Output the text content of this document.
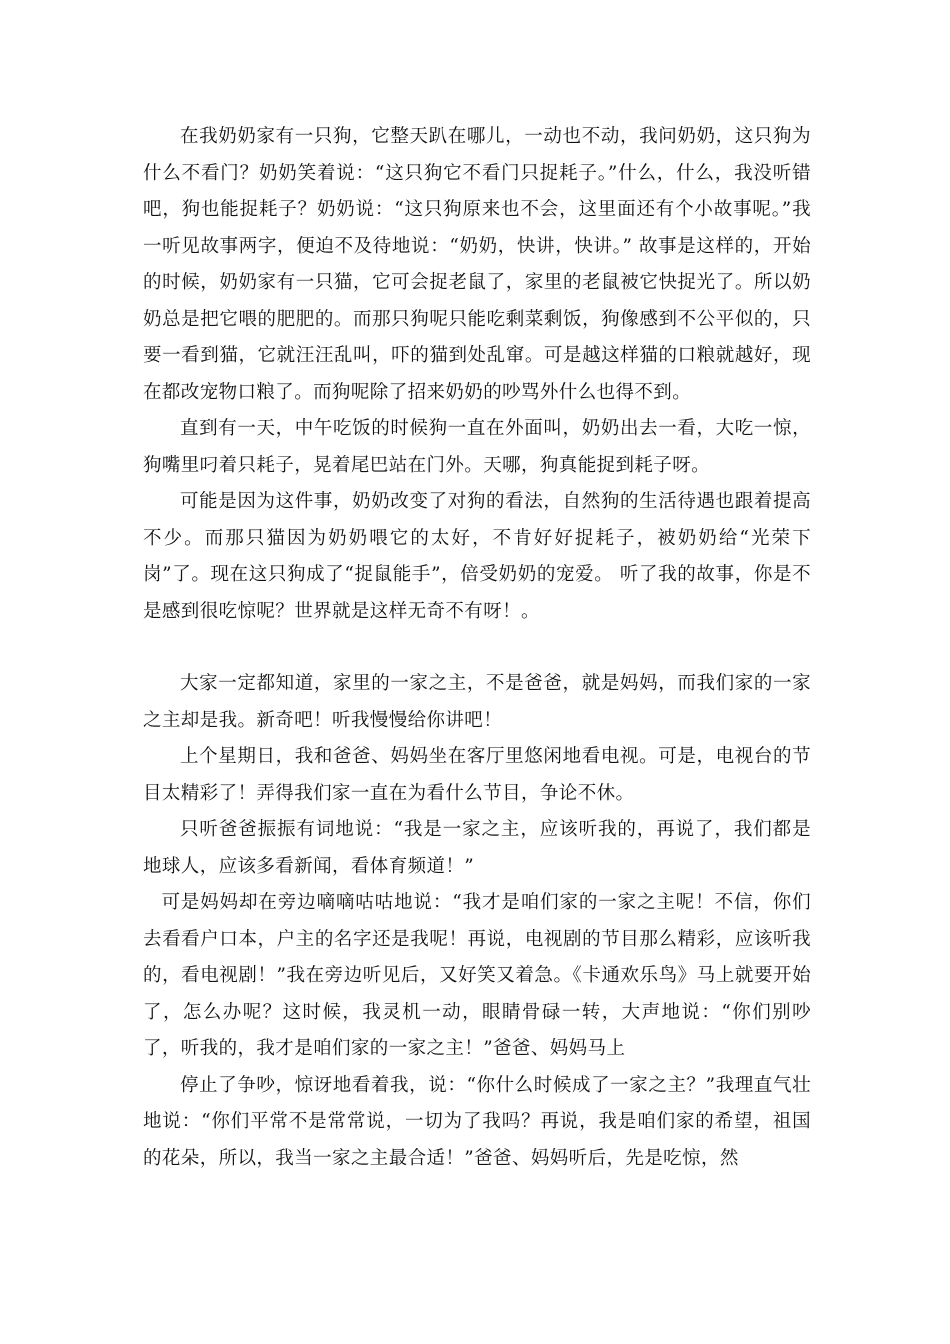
在我奶奶家有一只狗，它整天趴在哪儿，一动也不动，我问奶奶，这只狗为什么不看门？奶奶笑着说：“这只狗它不看门只捉耗子。”什么，什么，我没听错吧，狗也能捉耗子？奶奶说：“这只狗原来也不会，这里面还有个小故事呢。”我一听见故事两字，便迫不及待地说：“奶奶，快讲，快讲。” 故事是这样的，开始的时候，奶奶家有一只猫，它可会捉老鼠了，家里的老鼠被它快捉光了。所以奶奶总是把它喂的肥肥的。而那只狗呢只能吃剩菜剩饭，狗像感到不公平似的，只要一看到猫，它就汪汪乱叫，吓的猫到处乱窜。可是越这样猫的口粮就越好，现在都改宠物口粮了。而狗呢除了招来奶奶的吵骂外什么也得不到。

直到有一天，中午吃饭的时候狗一直在外面叫，奶奶出去一看，大吃一惊，狗嘴里叼着只耗子，晃着尾巴站在门外。天哪，狗真能捉到耗子呀。

可能是因为这件事，奶奶改变了对狗的看法，自然狗的生活待遇也跟着提高不少。而那只猫因为奶奶喂它的太好，不肯好好捉耗子，被奶奶给“光荣下岗”了。现在这只狗成了“捉鼠能手”，倍受奶奶的宠爱。 听了我的故事，你是不是感到很吃惊呢？世界就是这样无奇不有呀！。

大家一定都知道，家里的一家之主，不是爸爸，就是妈妈，而我们家的一家之主却是我。新奇吧！听我慢慢给你讲吧！

上个星期日，我和爸爸、妈妈坐在客厅里悠闲地看电视。可是，电视台的节目太精彩了！弄得我们家一直在为看什么节目，争论不休。

只听爸爸振振有词地说：“我是一家之主，应该听我的，再说了，我们都是地球人，应该多看新闻，看体育频道！”

可是妈妈却在旁边嘀嘀咕咕地说：“我才是咱们家的一家之主呢！不信，你们去看看户口本，户主的名字还是我呢！再说，电视剧的节目那么精彩，应该听我的，看电视剧！”我在旁边听见后，又好笑又着急。《卡通欢乐鸟》马上就要开始了，怎么办呢？这时候，我灵机一动，眼睛骨碌一转，大声地说：“你们别吵了，听我的，我才是咱们家的一家之主！”爸爸、妈妈马上

停止了争吵，惊讶地看着我，说：“你什么时候成了一家之主？”我理直气壮地说：“你们平常不是常常说，一切为了我吗？再说，我是咱们家的希望，祖国的花朵，所以，我当一家之主最合适！”爸爸、妈妈听后，先是吃惊，然
